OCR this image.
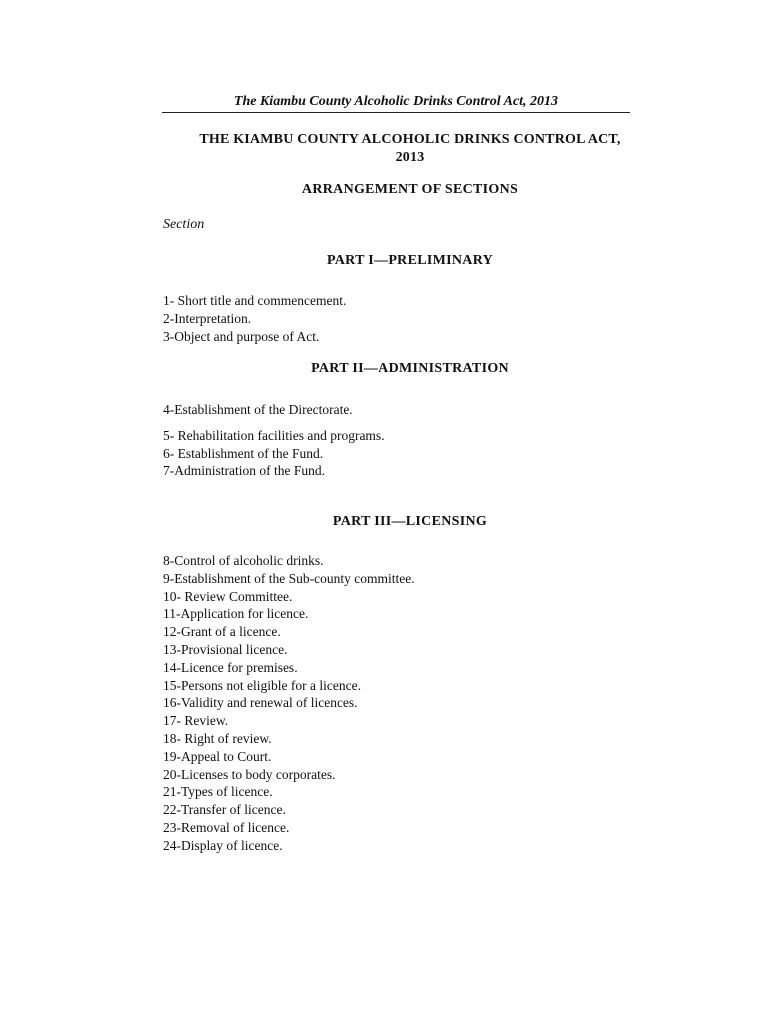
The Kiambu County Alcoholic Drinks Control Act, 2013
THE KIAMBU COUNTY ALCOHOLIC DRINKS CONTROL ACT,
2013
ARRANGEMENT OF SECTIONS
Section
PART I—PRELIMINARY
1- Short title and commencement.
2-Interpretation.
3-Object and purpose of Act.
PART II—ADMINISTRATION
4-Establishment of the Directorate.
5- Rehabilitation facilities and programs.
6- Establishment of the Fund.
7-Administration of the Fund.
PART III—LICENSING
8-Control of alcoholic drinks.
9-Establishment of the Sub-county committee.
10- Review Committee.
11-Application for licence.
12-Grant of a licence.
13-Provisional licence.
14-Licence for premises.
15-Persons not eligible for a licence.
16-Validity and renewal of licences.
17- Review.
18- Right of review.
19-Appeal to Court.
20-Licenses to body corporates.
21-Types of licence.
22-Transfer of licence.
23-Removal of licence.
24-Display of licence.
